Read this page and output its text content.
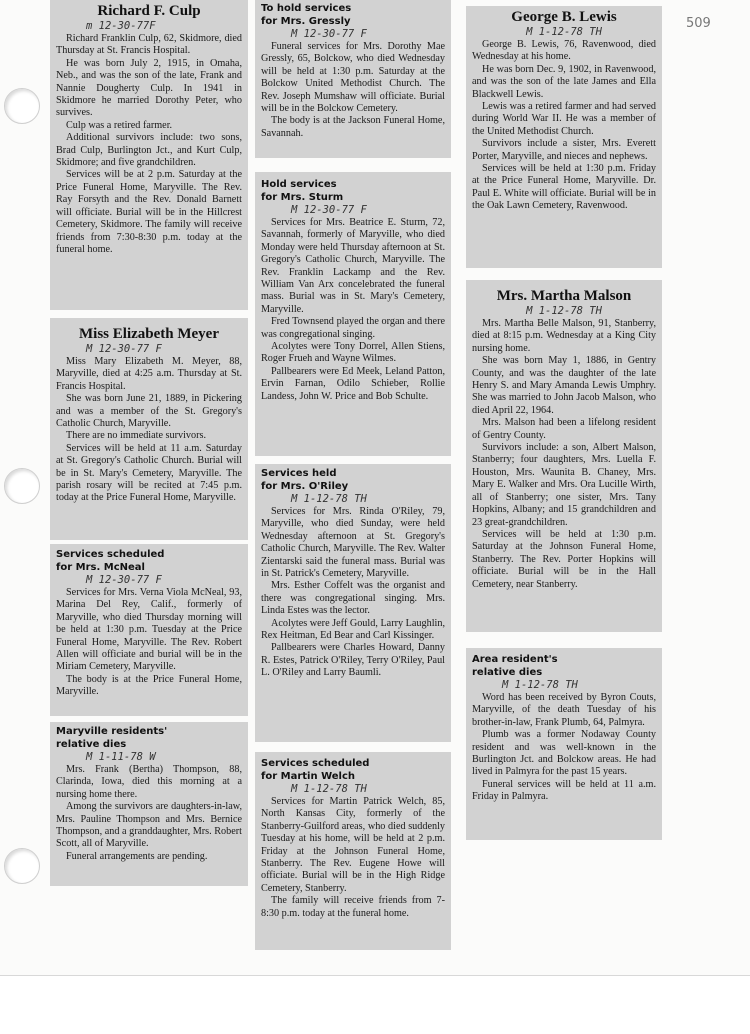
509
Richard F. Culp
m 12-30-77F

Richard Franklin Culp, 62, Skidmore, died Thursday at St. Francis Hospital.

He was born July 2, 1915, in Omaha, Neb., and was the son of the late, Frank and Nannie Dougherty Culp. In 1941 in Skidmore he married Dorothy Peter, who survives.

Culp was a retired farmer.

Additional survivors include: two sons, Brad Culp, Burlington Jct., and Kurt Culp, Skidmore; and five grandchildren.

Services will be at 2 p.m. Saturday at the Price Funeral Home, Maryville. The Rev. Ray Forsyth and the Rev. Donald Barnett will officiate. Burial will be in the Hillcrest Cemetery, Skidmore. The family will receive friends from 7:30-8:30 p.m. today at the funeral home.

Miss Elizabeth Meyer
M 12-30-77 F

Miss Mary Elizabeth M. Meyer, 88, Maryville, died at 4:25 a.m. Thursday at St. Francis Hospital.

She was born June 21, 1889, in Pickering and was a member of the St. Gregory's Catholic Church, Maryville.

There are no immediate survivors.

Services will be held at 11 a.m. Saturday at St. Gregory's Catholic Church. Burial will be in St. Mary's Cemetery, Maryville. The parish rosary will be recited at 7:45 p.m. today at the Price Funeral Home, Maryville.

Services scheduled
for Mrs. McNeal
M 12-30-77 F

Services for Mrs. Verna Viola McNeal, 93, Marina Del Rey, Calif., formerly of Maryville, who died Thursday morning will be held at 1:30 p.m. Tuesday at the Price Funeral Home, Maryville. The Rev. Robert Allen will officiate and burial will be in the Miriam Cemetery, Maryville.

The body is at the Price Funeral Home, Maryville.

Maryville residents'
relative dies
M 1-11-78 W

Mrs. Frank (Bertha) Thompson, 88, Clarinda, Iowa, died this morning at a nursing home there.

Among the survivors are daughters-in-law, Mrs. Pauline Thompson and Mrs. Bernice Thompson, and a granddaughter, Mrs. Robert Scott, all of Maryville.

Funeral arrangements are pending.

To hold services
for Mrs. Gressly
M 12-30-77 F

Funeral services for Mrs. Dorothy Mae Gressly, 65, Bolckow, who died Wednesday will be held at 1:30 p.m. Saturday at the Bolckow United Methodist Church. The Rev. Joseph Mumshaw will officiate. Burial will be in the Bolckow Cemetery.

The body is at the Jackson Funeral Home, Savannah.

Hold services
for Mrs. Sturm
M 12-30-77 F

Services for Mrs. Beatrice E. Sturm, 72, Savannah, formerly of Maryville, who died Monday were held Thursday afternoon at St. Gregory's Catholic Church, Maryville. The Rev. Franklin Lackamp and the Rev. William Van Arx concelebrated the funeral mass. Burial was in St. Mary's Cemetery, Maryville.

Fred Townsend played the organ and there was congregational singing.

Acolytes were Tony Dorrel, Allen Stiens, Roger Frueh and Wayne Wilmes.

Pallbearers were Ed Meek, Leland Patton, Ervin Farnan, Odilo Schieber, Rollie Landess, John W. Price and Bob Schulte.

Services held
for Mrs. O'Riley
M 1-12-78 TH

Services for Mrs. Rinda O'Riley, 79, Maryville, who died Sunday, were held Wednesday afternoon at St. Gregory's Catholic Church, Maryville. The Rev. Walter Zientarski said the funeral mass. Burial was in St. Patrick's Cemetery, Maryville.

Mrs. Esther Coffelt was the organist and there was congregational singing. Mrs. Linda Estes was the lector.

Acolytes were Jeff Gould, Larry Laughlin, Rex Heitman, Ed Bear and Carl Kissinger.

Pallbearers were Charles Howard, Danny R. Estes, Patrick O'Riley, Terry O'Riley, Paul L. O'Riley and Larry Baumli.

Services scheduled
for Martin Welch
M 1-12-78 TH

Services for Martin Patrick Welch, 85, North Kansas City, formerly of the Stanberry-Guilford areas, who died suddenly Tuesday at his home, will be held at 2 p.m. Friday at the Johnson Funeral Home, Stanberry. The Rev. Eugene Howe will officiate. Burial will be in the High Ridge Cemetery, Stanberry.

The family will receive friends from 7-8:30 p.m. today at the funeral home.

George B. Lewis
M 1-12-78 TH

George B. Lewis, 76, Ravenwood, died Wednesday at his home.

He was born Dec. 9, 1902, in Ravenwood, and was the son of the late James and Ella Blackwell Lewis.

Lewis was a retired farmer and had served during World War II. He was a member of the United Methodist Church.

Survivors include a sister, Mrs. Everett Porter, Maryville, and nieces and nephews.

Services will be held at 1:30 p.m. Friday at the Price Funeral Home, Maryville. Dr. Paul E. White will officiate. Burial will be in the Oak Lawn Cemetery, Ravenwood.

Mrs. Martha Malson
M 1-12-78 TH

Mrs. Martha Belle Malson, 91, Stanberry, died at 8:15 p.m. Wednesday at a King City nursing home.

She was born May 1, 1886, in Gentry County, and was the daughter of the late Henry S. and Mary Amanda Lewis Umphry. She was married to John Jacob Malson, who died April 22, 1964.

Mrs. Malson had been a lifelong resident of Gentry County.

Survivors include: a son, Albert Malson, Stanberry; four daughters, Mrs. Luella F. Houston, Mrs. Waunita B. Chaney, Mrs. Mary E. Walker and Mrs. Ora Lucille Wirth, all of Stanberry; one sister, Mrs. Tany Hopkins, Albany; and 15 grandchildren and 23 great-grandchildren.

Services will be held at 1:30 p.m. Saturday at the Johnson Funeral Home, Stanberry. The Rev. Porter Hopkins will officiate. Burial will be in the Hall Cemetery, near Stanberry.

Area resident's
relative dies
M 1-12-78 TH

Word has been received by Byron Couts, Maryville, of the death Tuesday of his brother-in-law, Frank Plumb, 64, Palmyra.

Plumb was a former Nodaway County resident and was well-known in the Burlington Jct. and Bolckow areas. He had lived in Palmyra for the past 15 years.

Funeral services will be held at 11 a.m. Friday in Palmyra.
